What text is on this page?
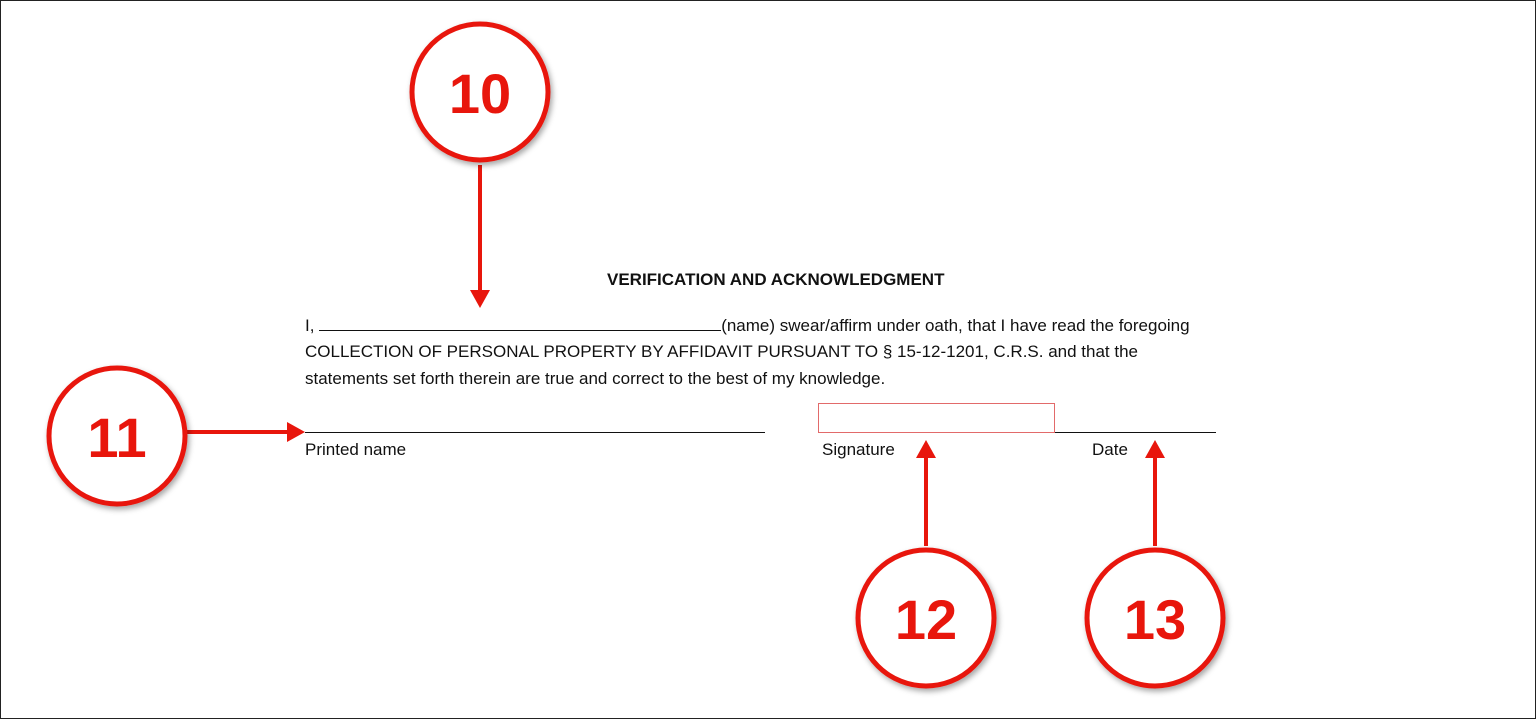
VERIFICATION AND ACKNOWLEDGMENT
I,	(name) swear/affirm under oath, that I have read the foregoing
COLLECTION OF PERSONAL PROPERTY BY AFFIDAVIT PURSUANT TO § 15-12-1201, C.R.S. and that the
statements set forth therein are true and correct to the best of my knowledge.
Printed name	Signature	Date
10
11
12	13
